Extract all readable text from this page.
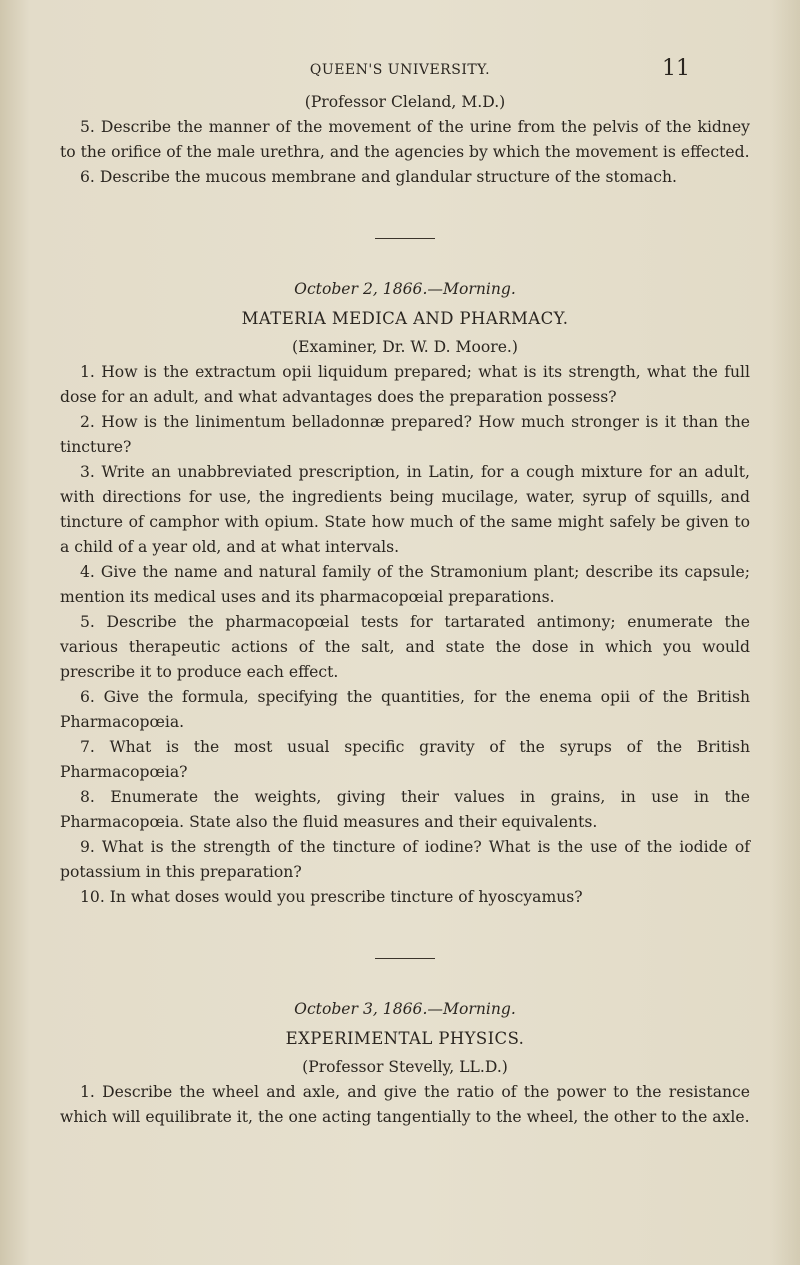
QUEEN'S UNIVERSITY.	11

(Professor Cleland, M.D.)

5. Describe the manner of the movement of the urine from the pelvis of the kidney to the orifice of the male urethra, and the agencies by which the movement is effected.

6. Describe the mucous membrane and glandular structure of the stomach.

October 2, 1866.—Morning.

MATERIA MEDICA AND PHARMACY.

(Examiner, Dr. W. D. Moore.)

1. How is the extractum opii liquidum prepared; what is its strength, what the full dose for an adult, and what advantages does the preparation possess?

2. How is the linimentum belladonnæ prepared? How much stronger is it than the tincture?

3. Write an unabbreviated prescription, in Latin, for a cough mixture for an adult, with directions for use, the ingredients being mucilage, water, syrup of squills, and tincture of camphor with opium. State how much of the same might safely be given to a child of a year old, and at what intervals.

4. Give the name and natural family of the Stramonium plant; describe its capsule; mention its medical uses and its pharmacopœial preparations.

5. Describe the pharmacopœial tests for tartarated antimony; enumerate the various therapeutic actions of the salt, and state the dose in which you would prescribe it to produce each effect.

6. Give the formula, specifying the quantities, for the enema opii of the British Pharmacopœia.

7. What is the most usual specific gravity of the syrups of the British Pharmacopœia?

8. Enumerate the weights, giving their values in grains, in use in the Pharmacopœia. State also the fluid measures and their equivalents.

9. What is the strength of the tincture of iodine? What is the use of the iodide of potassium in this preparation?

10. In what doses would you prescribe tincture of hyoscyamus?

October 3, 1866.—Morning.

EXPERIMENTAL PHYSICS.

(Professor Stevelly, LL.D.)

1. Describe the wheel and axle, and give the ratio of the power to the resistance which will equilibrate it, the one acting tangentially to the wheel, the other to the axle.
